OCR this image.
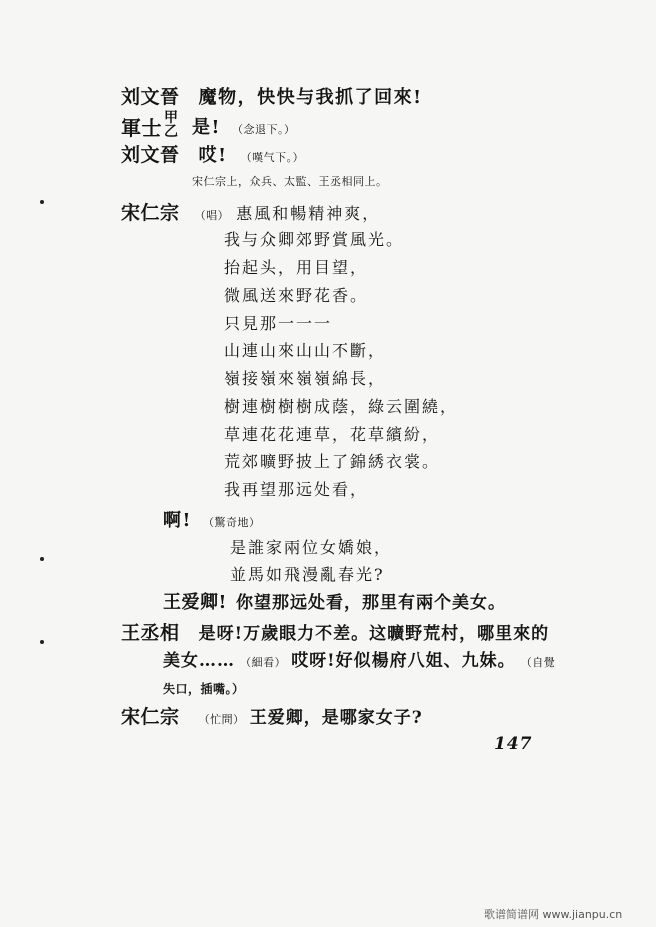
刘文晉 魔物，快快与我抓了回來!
軍士 甲
乙 是! （念退下。）
刘文晉 哎! （嘆气下。）
宋仁宗上，众兵、太監、王丞相同上。
宋仁宗 （唱） 惠風和暢精神爽，
我与众卿郊野賞風光。
抬起头，用目望，
微風送來野花香。
只見那一一一
山連山來山山不斷，
嶺接嶺來嶺嶺綿長，
樹連樹樹樹成蔭，綠云圍繞，
草連花花連草，花草繽紛，
荒郊曠野披上了錦綉衣裳。
我再望那远处看，
啊! （驚奇地）
是誰家兩位女嬌娘，
並馬如飛漫亂春光?
王爱卿! 你望那远处看，那里有兩个美女。
王丞相 是呀!万歲眼力不差。这曠野荒村，哪里來的
美女…… （細看） 哎呀!好似楊府八姐、九妹。 （自覺
失口，插嘴。）
宋仁宗 （忙問） 王爱卿，是哪家女子?
147
歌谱简谱网 www.jianpu.cn
